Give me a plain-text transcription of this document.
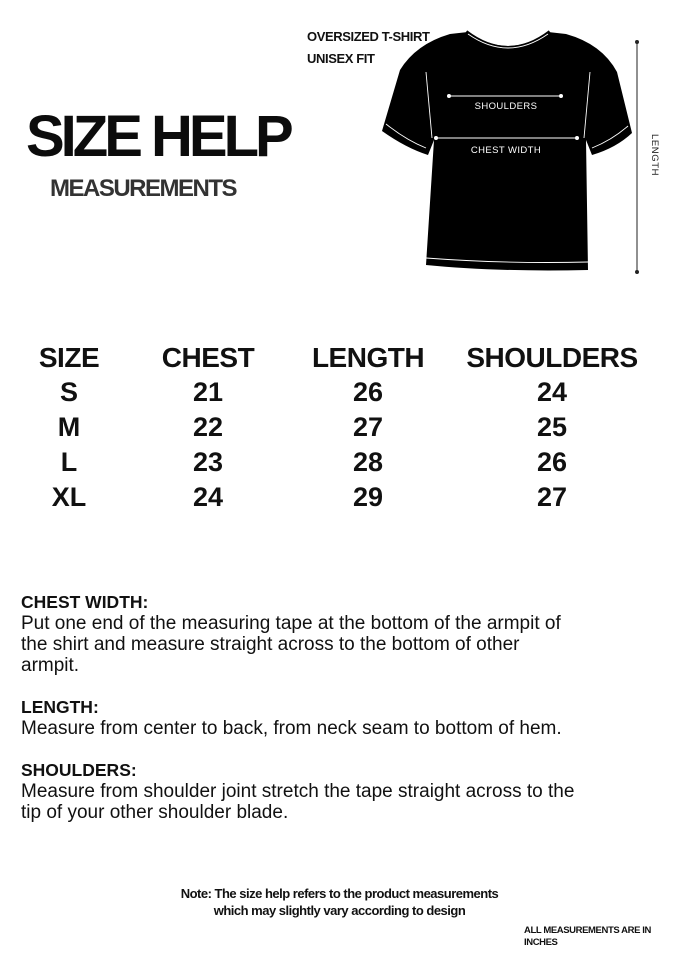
SIZE HELP
MEASUREMENTS
OVERSIZED T-SHIRT
UNISEX FIT
SHOULDERS
CHEST WIDTH	LENGTH
SIZE CHEST LENGTH SHOULDERS
S	21	26	24
M	22	27	25
L	23	28	26
XL	24	29	27
CHEST WIDTH:

Put one end of the measuring tape at the bottom of the armpit of the shirt and measure straight across to the bottom of other armpit.

LENGTH:

Measure from center to back, from neck seam to bottom of hem.

SHOULDERS:

Measure from shoulder joint stretch the tape straight across to the tip of your other shoulder blade.

Note: The size help refers to the product measurements
which may slightly vary according to design
ALL MEASUREMENTS ARE IN INCHES
